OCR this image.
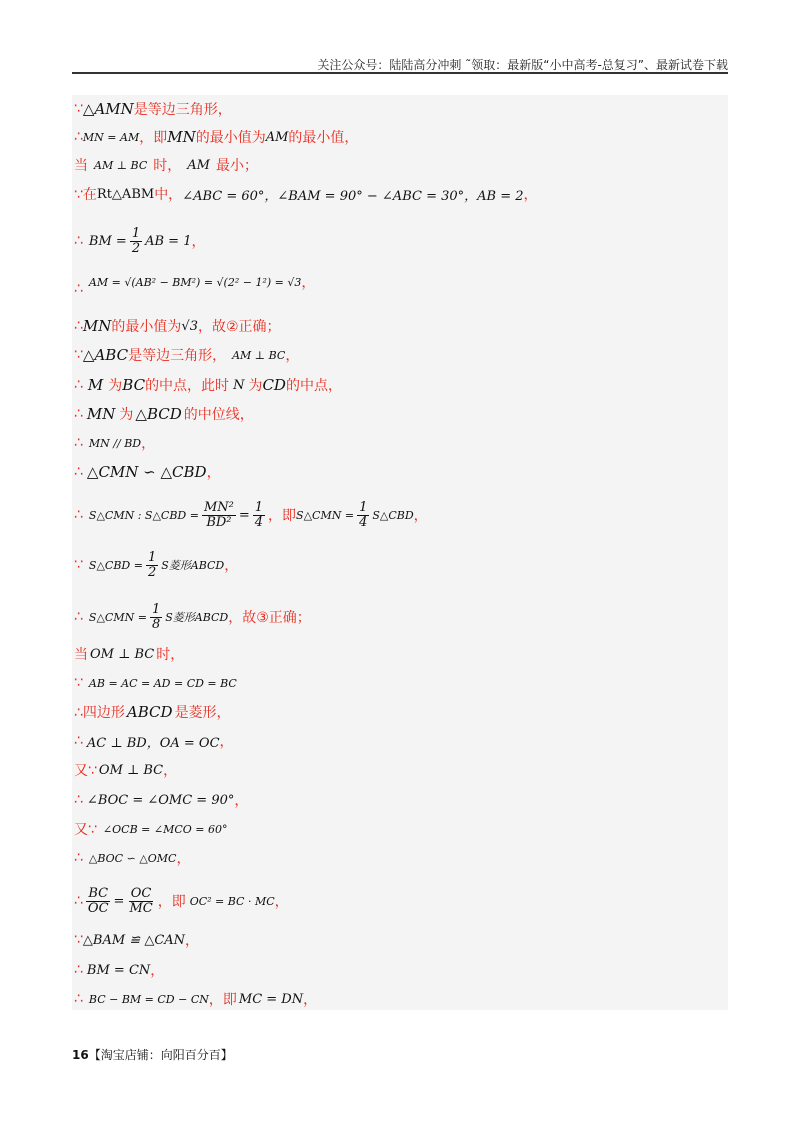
关注公众号：陆陆高分冲刺 ˜领取：最新版“小中高考-总复习”、最新试卷下载
∵ △AMN 是等边三角形，
∴ MN = AM ，即 MN 的最小值为 AM 的最小值，
当 AM ⊥ BC 时， AM 最小；
∵在 Rt△ABM 中， ∠ABC = 60°，∠BAM = 90° − ∠ABC = 30°，AB = 2 ，
∴ BM = $\frac{1}{2}$ AB = 1 ，
∴ AM = √(AB² − BM²) = √(2² − 1²) = √3 ，
∴ MN 的最小值为 √3 ，故②正确；
∵ △ABC 是等边三角形， AM ⊥ BC ，
∴ M 为 BC 的中点，此时 N 为 CD 的中点，
∴ MN 为 △BCD 的中位线，
∴ MN // BD ，
∴ △CMN ∽ △CBD ，
∴ S△CMN : S△CBD = $\frac{\text{MN²}}{\text{BD²}} = \frac{1}{4}$ ，即 S△CMN = $\frac{1}{4}$ S△CBD ，
∵ S△CBD = $\frac{1}{2}$ S菱形ABCD ，
∴ S△CMN = $\frac{1}{8}$ S菱形ABCD ，故③正确；
当 OM ⊥ BC 时，
∵ AB = AC = AD = CD = BC
∴四边形 ABCD 是菱形，
∴ AC ⊥ BD，OA = OC ，
又∵ OM ⊥ BC ，
∴ ∠BOC = ∠OMC = 90° ，
又∵ ∠OCB = ∠MCO = 60°
∴ △BOC ∽ △OMC ，
∴ $\frac{BC}{OC} = \frac{OC}{MC}$ ，即 OC² = BC · MC ，
∵ △BAM ≌ △CAN ，
∴ BM = CN ，
∴ BC − BM = CD − CN ，即 MC = DN ，
16【淘宝店铺：向阳百分百】
